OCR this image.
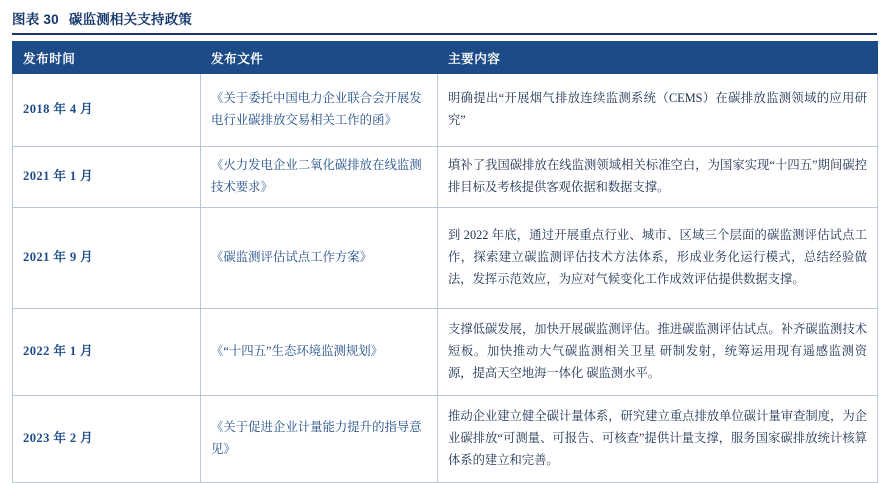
图表 30 碳监测相关支持政策
发布时间	发布文件	主要内容
2018 年 4 月	《关于委托中国电力企业联合会开展发电行业碳排放交易相关工作的函》	明确提出“开展烟气排放连续监测系统（CEMS）在碳排放监测领域的应用研究”
2021 年 1 月	《火力发电企业二氧化碳排放在线监测技术要求》	填补了我国碳排放在线监测领域相关标准空白，为国家实现“十四五”期间碳控排目标及考核提供客观依据和数据支撑。
2021 年 9 月	《碳监测评估试点工作方案》	到 2022 年底，通过开展重点行业、城市、区域三个层面的碳监测评估试点工作，探索建立碳监测评估技术方法体系，形成业务化运行模式，总结经验做法，发挥示范效应，为应对气候变化工作成效评估提供数据支撑。
2022 年 1 月	《“十四五”生态环境监测规划》	支撑低碳发展，加快开展碳监测评估。推进碳监测评估试点。补齐碳监测技术短板。加快推动大气碳监测相关卫星 研制发射，统筹运用现有遥感监测资源，提高天空地海一体化 碳监测水平。
2023 年 2 月	《关于促进企业计量能力提升的指导意见》	推动企业建立健全碳计量体系，研究建立重点排放单位碳计量审查制度，为企业碳排放“可测量、可报告、可核查”提供计量支撑，服务国家碳排放统计核算体系的建立和完善。
